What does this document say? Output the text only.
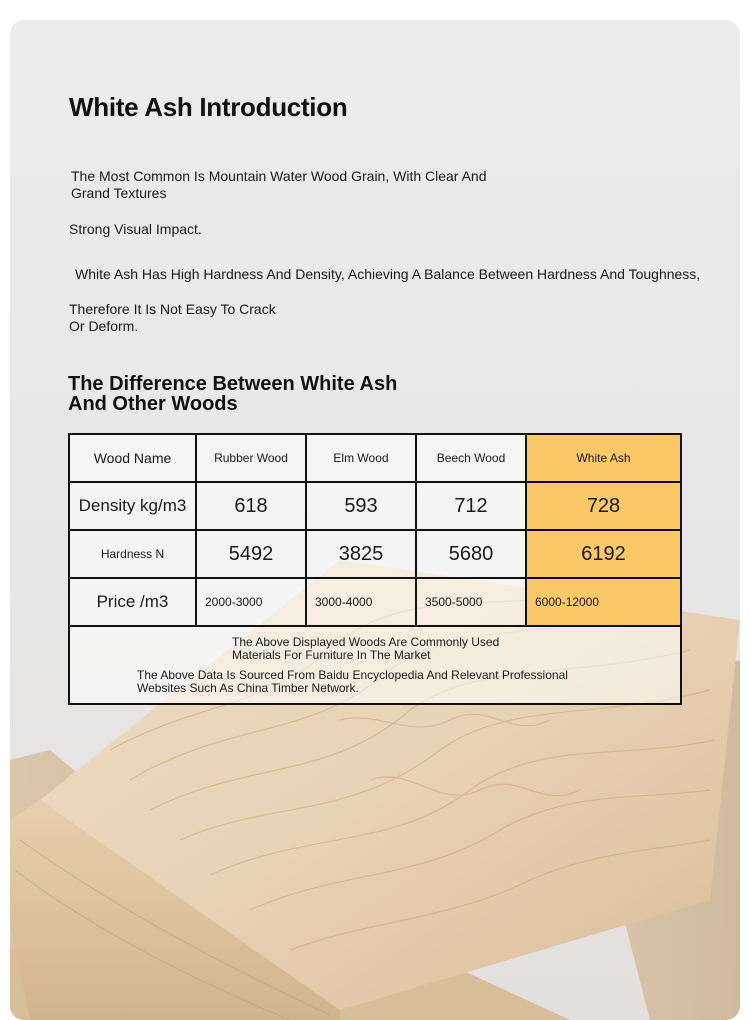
White Ash Introduction

The Most Common Is Mountain Water Wood Grain, With Clear And Grand Textures

Strong Visual Impact.

White Ash Has High Hardness And Density, Achieving A Balance Between Hardness And Toughness,

Therefore It Is Not Easy To Crack Or Deform.

The Difference Between White Ash And Other Woods
Wood Name	Rubber Wood	Elm Wood	Beech Wood	White Ash
Density kg/m3	618	593	712	728
Hardness N	5492	3825	5680	6192
Price /m3	2000-3000	3000-4000	3500-5000	6000-12000

The Above Displayed Woods Are Commonly Used Materials For Furniture In The Market

The Above Data Is Sourced From Baidu Encyclopedia And Relevant Professional Websites Such As China Timber Network.				
